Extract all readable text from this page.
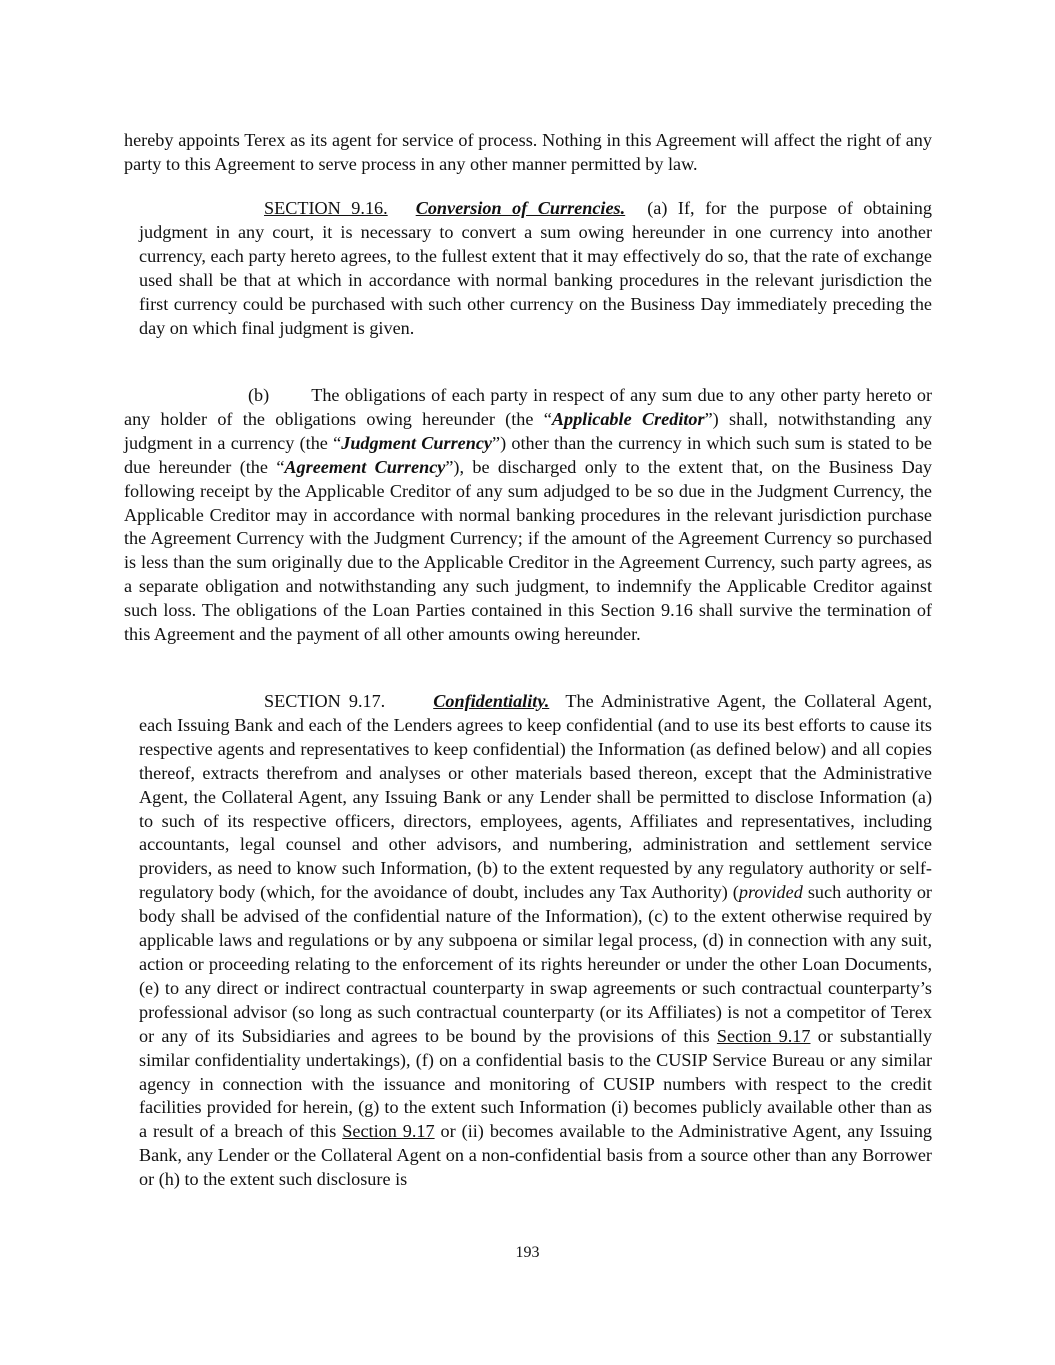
hereby appoints Terex as its agent for service of process. Nothing in this Agreement will affect the right of any party to this Agreement to serve process in any other manner permitted by law.

SECTION 9.16. Conversion of Currencies. (a) If, for the purpose of obtaining judgment in any court, it is necessary to convert a sum owing hereunder in one currency into another currency, each party hereto agrees, to the fullest extent that it may effectively do so, that the rate of exchange used shall be that at which in accordance with normal banking procedures in the relevant jurisdiction the first currency could be purchased with such other currency on the Business Day immediately preceding the day on which final judgment is given.

(b) The obligations of each party in respect of any sum due to any other party hereto or any holder of the obligations owing hereunder (the “Applicable Creditor”) shall, notwithstanding any judgment in a currency (the “Judgment Currency”) other than the currency in which such sum is stated to be due hereunder (the “Agreement Currency”), be discharged only to the extent that, on the Business Day following receipt by the Applicable Creditor of any sum adjudged to be so due in the Judgment Currency, the Applicable Creditor may in accordance with normal banking procedures in the relevant jurisdiction purchase the Agreement Currency with the Judgment Currency; if the amount of the Agreement Currency so purchased is less than the sum originally due to the Applicable Creditor in the Agreement Currency, such party agrees, as a separate obligation and notwithstanding any such judgment, to indemnify the Applicable Creditor against such loss. The obligations of the Loan Parties contained in this Section 9.16 shall survive the termination of this Agreement and the payment of all other amounts owing hereunder.

SECTION 9.17.	Confidentiality. The Administrative Agent, the Collateral Agent, each Issuing Bank and each of the Lenders agrees to keep confidential (and to use its best efforts to cause its respective agents and representatives to keep confidential) the Information (as defined below) and all copies thereof, extracts therefrom and analyses or other materials based thereon, except that the Administrative Agent, the Collateral Agent, any Issuing Bank or any Lender shall be permitted to disclose Information (a) to such of its respective officers, directors, employees, agents, Affiliates and representatives, including accountants, legal counsel and other advisors, and numbering, administration and settlement service providers, as need to know such Information, (b) to the extent requested by any regulatory authority or self-regulatory body (which, for the avoidance of doubt, includes any Tax Authority) (provided such authority or body shall be advised of the confidential nature of the Information), (c) to the extent otherwise required by applicable laws and regulations or by any subpoena or similar legal process, (d) in connection with any suit, action or proceeding relating to the enforcement of its rights hereunder or under the other Loan Documents, (e) to any direct or indirect contractual counterparty in swap agreements or such contractual counterparty’s professional advisor (so long as such contractual counterparty (or its Affiliates) is not a competitor of Terex or any of its Subsidiaries and agrees to be bound by the provisions of this Section 9.17 or substantially similar confidentiality undertakings), (f) on a confidential basis to the CUSIP Service Bureau or any similar agency in connection with the issuance and monitoring of CUSIP numbers with respect to the credit facilities provided for herein, (g) to the extent such Information (i) becomes publicly available other than as a result of a breach of this Section 9.17 or (ii) becomes available to the Administrative Agent, any Issuing Bank, any Lender or the Collateral Agent on a non-confidential basis from a source other than any Borrower or (h) to the extent such disclosure is

193
